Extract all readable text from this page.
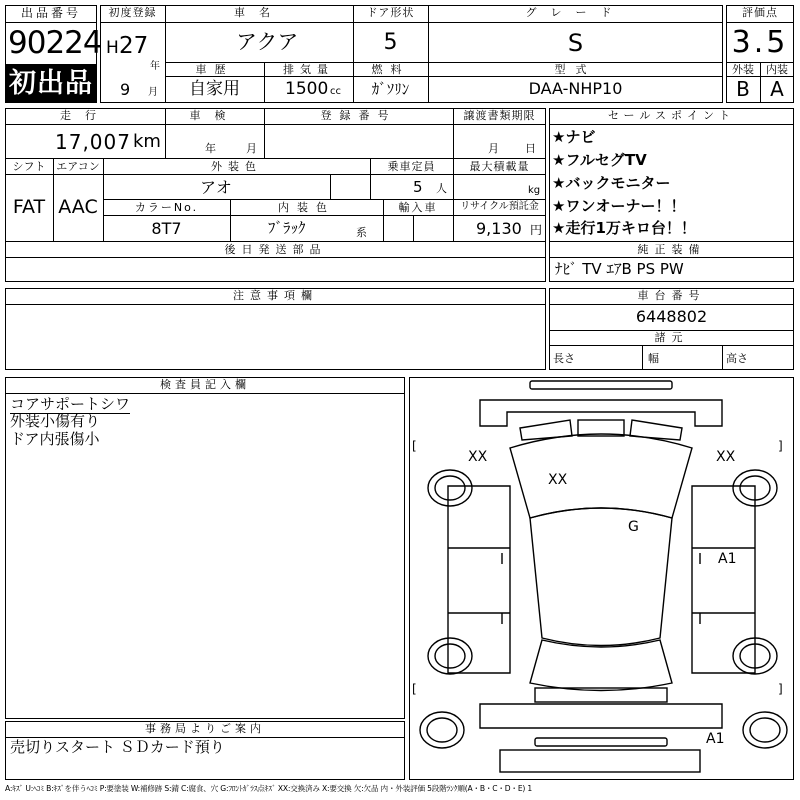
出品番号
90224
初出品
初度登録
H 27
年
9 月
車名
アクア
ドア形状
5
グレード
S
車歴
自家用
排気量
1500 cc
燃料
ｶﾞｿﾘﾝ
型式
DAA-NHP10
評価点
3.5
外装	内装
B	A
走行
17,007 km
車検
年	月
登録番号	譲渡書類期限
月 日
シフト エアコン
FAT AAC
外装色
アオ
乗車定員
5 人
最大積載量
kg
カラーNo.
8T7
内装色
ﾌﾞﾗｯｸ	系
輸入車	リサイクル預託金
9,130 円
後日発送部品
セールスポイント
★ナビ
★フルセグTV
★バックモニター
★ワンオーナー！！
★走行1万キロ台！！
純正装備
ﾅﾋﾞ TV ｴｱB PS PW
注意事項欄	車台番号
6448802
諸元
長さ	幅	高さ
検査員記入欄
コアサポートシワ
外装小傷有り
ドア内張傷小
事務局よりご案内
売切りスタート ＳＤカード預り
[	]
[	]
XX	XX
XX
G
A1
A1
A:ｷｽﾞ U:ﾍｺﾐ B:ｷｽﾞを伴うﾍｺﾐ P:要塗装 W:補修跡 S:錆 C:腐食、穴 G:ﾌﾛﾝﾄｶﾞﾗｽ点ｷｽﾞ XX:交換済み X:要交換 欠:欠品 内・外装評価 5段階ﾗﾝｸ順(A・B・C・D・E) 1
